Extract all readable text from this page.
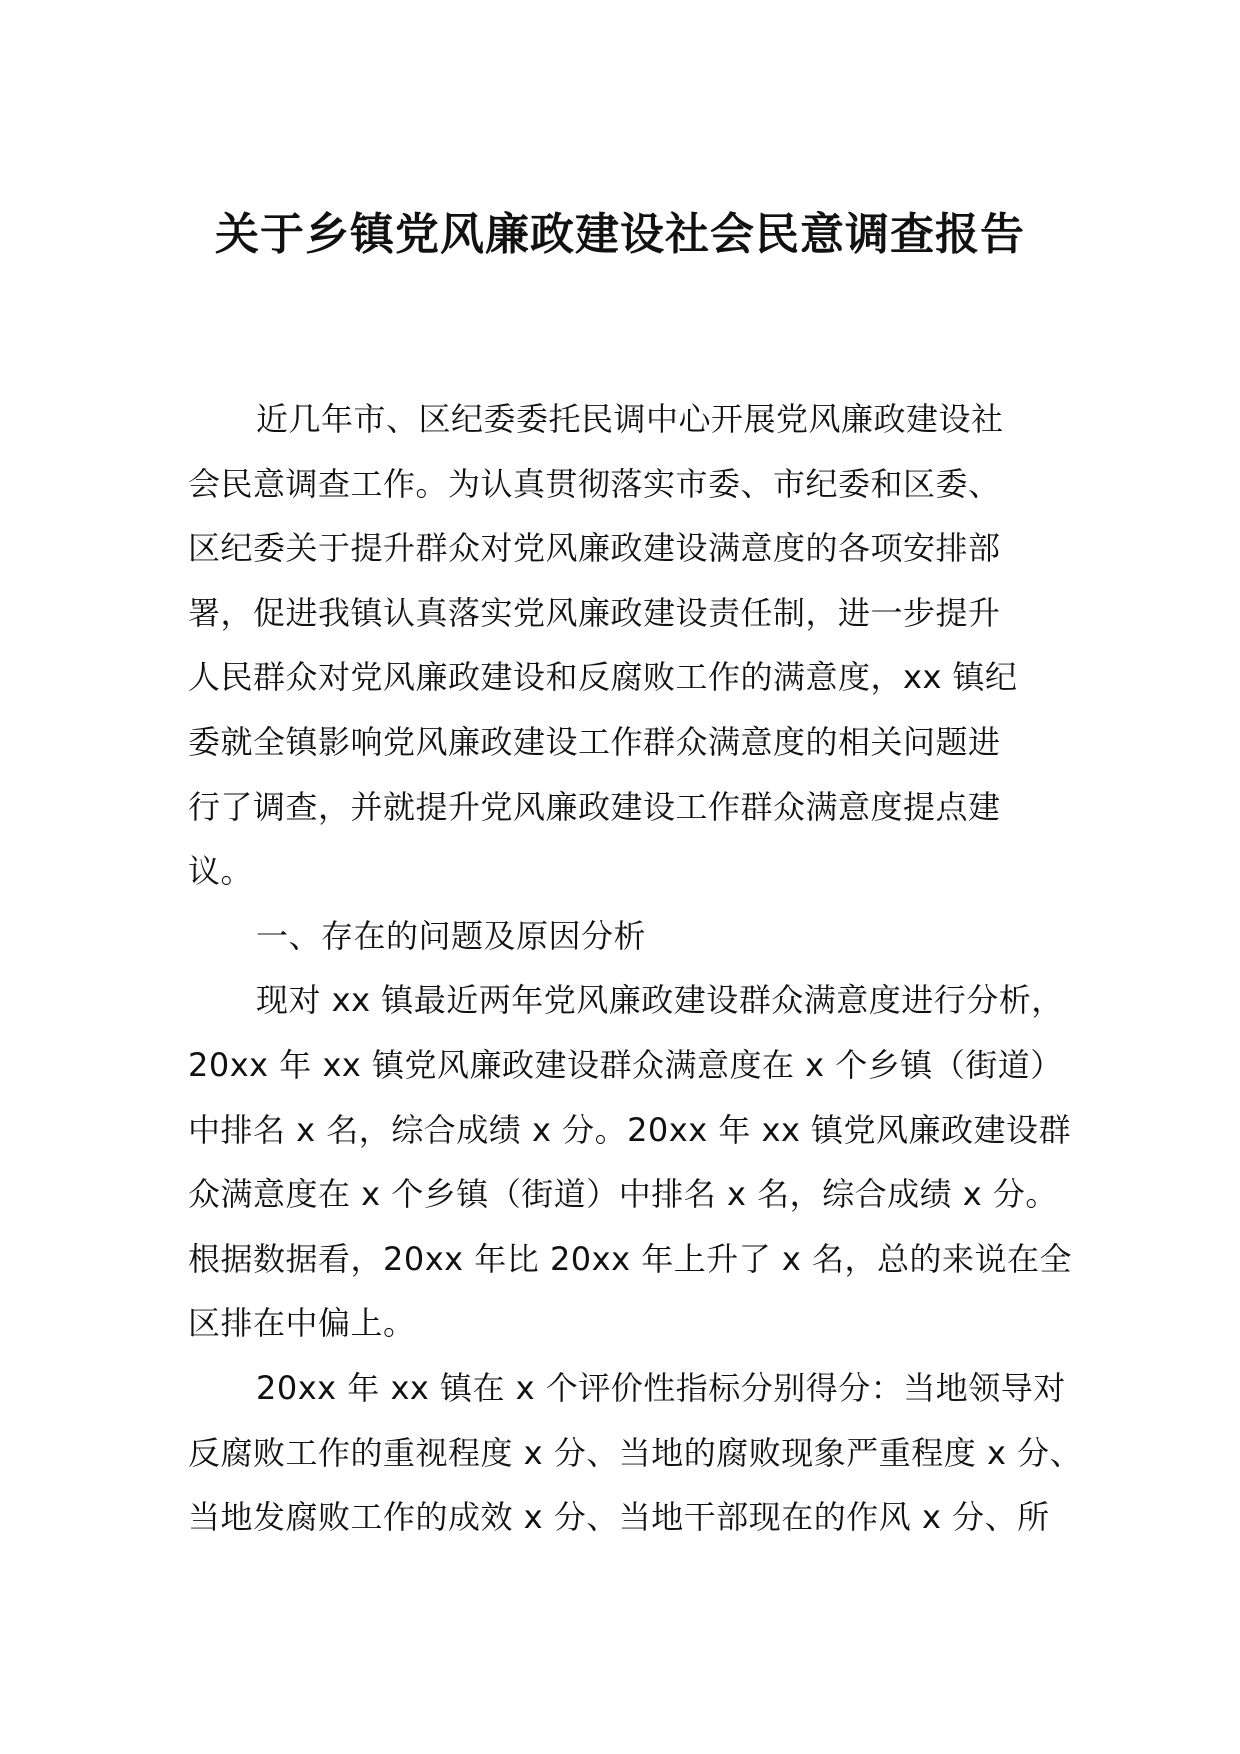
关于乡镇党风廉政建设社会民意调查报告
近几年市、区纪委委托民调中心开展党风廉政建设社
会民意调查工作。为认真贯彻落实市委、市纪委和区委、
区纪委关于提升群众对党风廉政建设满意度的各项安排部
署，促进我镇认真落实党风廉政建设责任制，进一步提升
人民群众对党风廉政建设和反腐败工作的满意度，xx 镇纪
委就全镇影响党风廉政建设工作群众满意度的相关问题进
行了调查，并就提升党风廉政建设工作群众满意度提点建
议。
一、存在的问题及原因分析
现对 xx 镇最近两年党风廉政建设群众满意度进行分析，
20xx 年 xx 镇党风廉政建设群众满意度在 x 个乡镇（街道）
中排名 x 名，综合成绩 x 分。20xx 年 xx 镇党风廉政建设群
众满意度在 x 个乡镇（街道）中排名 x 名，综合成绩 x 分。
根据数据看，20xx 年比 20xx 年上升了 x 名，总的来说在全
区排在中偏上。
20xx 年 xx 镇在 x 个评价性指标分别得分：当地领导对
反腐败工作的重视程度 x 分、当地的腐败现象严重程度 x 分、
当地发腐败工作的成效 x 分、当地干部现在的作风 x 分、所
